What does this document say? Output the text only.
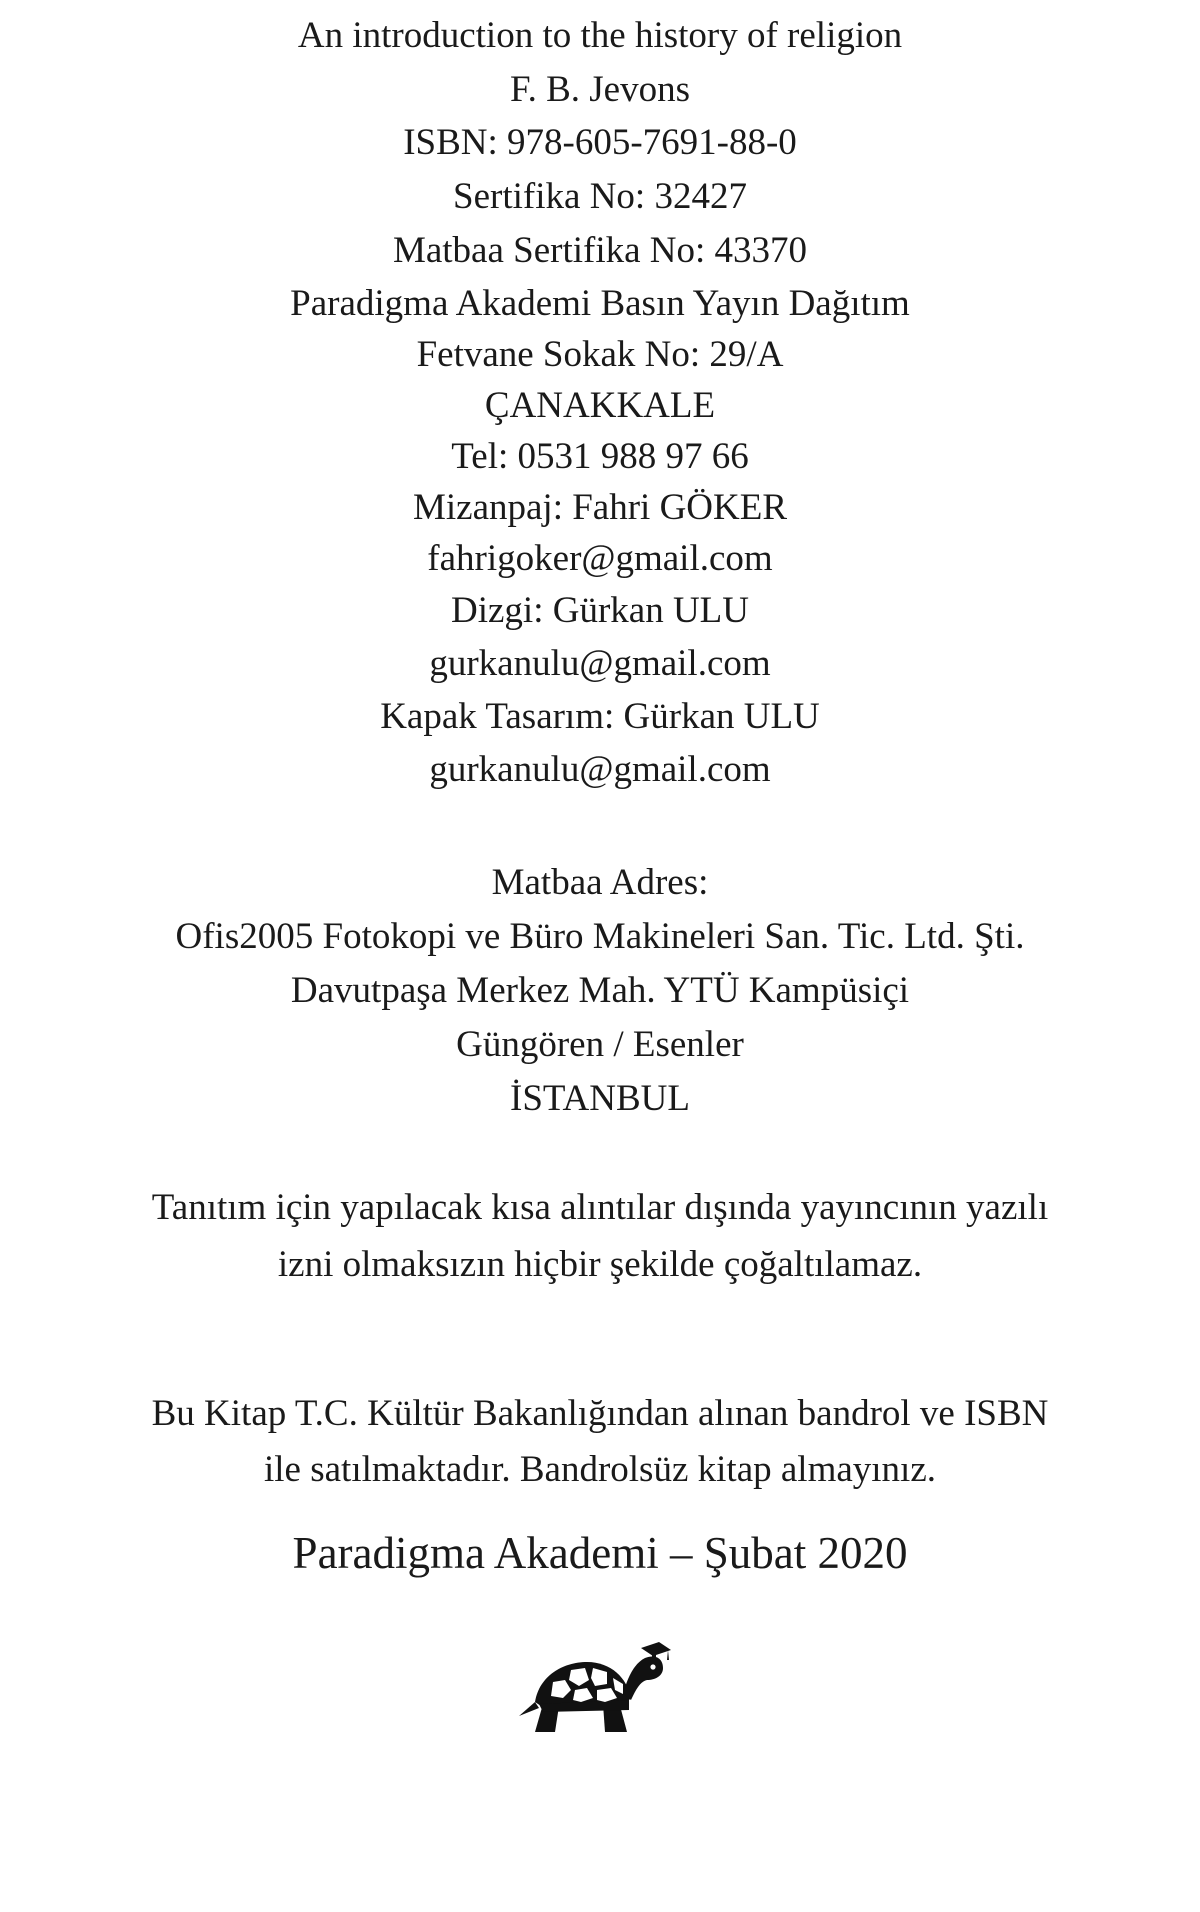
An introduction to the history of religion
F. B. Jevons
ISBN: 978-605-7691-88-0
Sertifika No: 32427
Matbaa Sertifika No: 43370
Paradigma Akademi Basın Yayın Dağıtım
Fetvane Sokak No: 29/A
ÇANAKKALE
Tel: 0531 988 97 66
Mizanpaj: Fahri GÖKER
fahrigoker@gmail.com
Dizgi: Gürkan ULU
gurkanulu@gmail.com
Kapak Tasarım: Gürkan ULU
gurkanulu@gmail.com
Matbaa Adres:
Ofis2005 Fotokopi ve Büro Makineleri San. Tic. Ltd. Şti.
Davutpaşa Merkez Mah. YTÜ Kampüsiçi
Güngören / Esenler
İSTANBUL
Tanıtım için yapılacak kısa alıntılar dışında yayıncının yazılı
izni olmaksızın hiçbir şekilde çoğaltılamaz.
Bu Kitap T.C. Kültür Bakanlığından alınan bandrol ve ISBN
ile satılmaktadır. Bandrolsüz kitap almayınız.
Paradigma Akademi – Şubat 2020
